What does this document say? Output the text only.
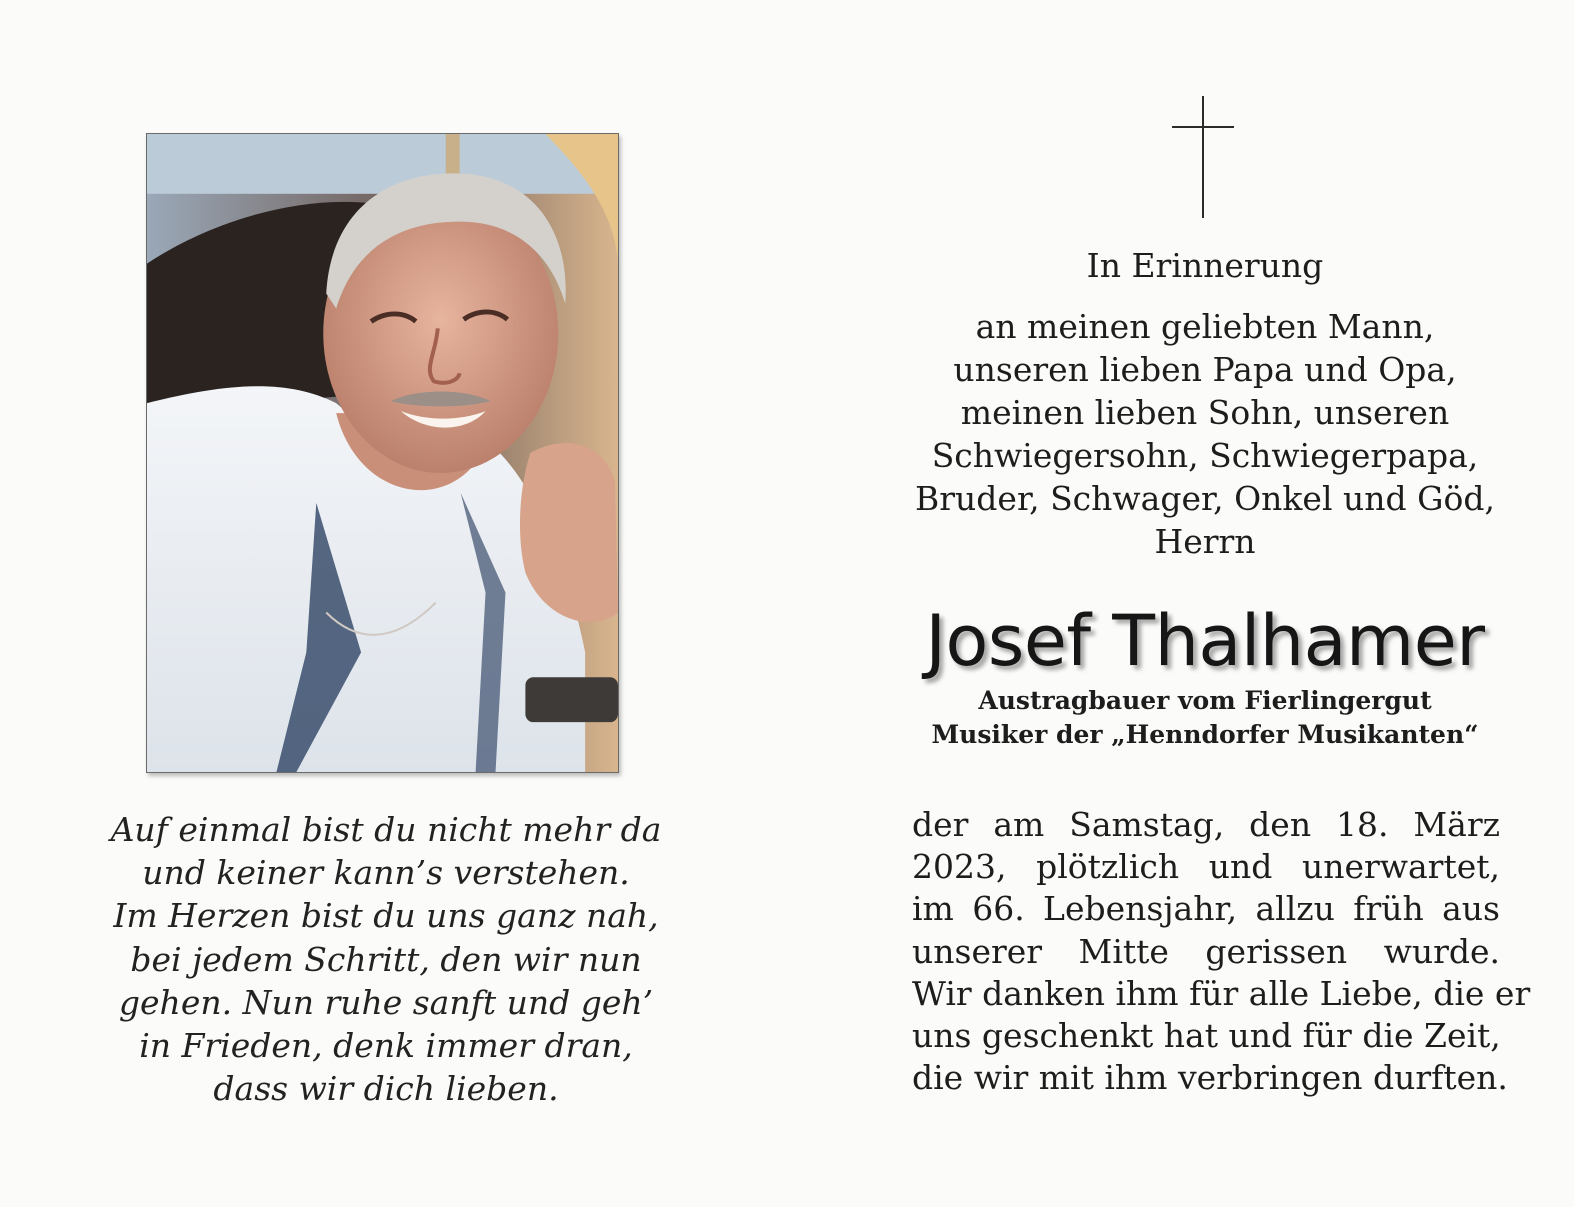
Auf einmal bist du nicht mehr da
und keiner kann’s verstehen.
Im Herzen bist du uns ganz nah,
bei jedem Schritt, den wir nun
gehen. Nun ruhe sanft und geh’
in Frieden, denk immer dran,
dass wir dich lieben.
In Erinnerung
an meinen geliebten Mann,
unseren lieben Papa und Opa,
meinen lieben Sohn, unseren
Schwiegersohn, Schwiegerpapa,
Bruder, Schwager, Onkel und Göd,
Herrn
Josef Thalhamer
Austragbauer vom Fierlingergut
Musiker der „Henndorfer Musikanten“
der am Samstag, den 18. März
2023, plötzlich und unerwartet,
im 66. Lebensjahr, allzu früh aus
unserer Mitte gerissen wurde.
Wir danken ihm für alle Liebe, die er
uns geschenkt hat und für die Zeit,
die wir mit ihm verbringen durften.
